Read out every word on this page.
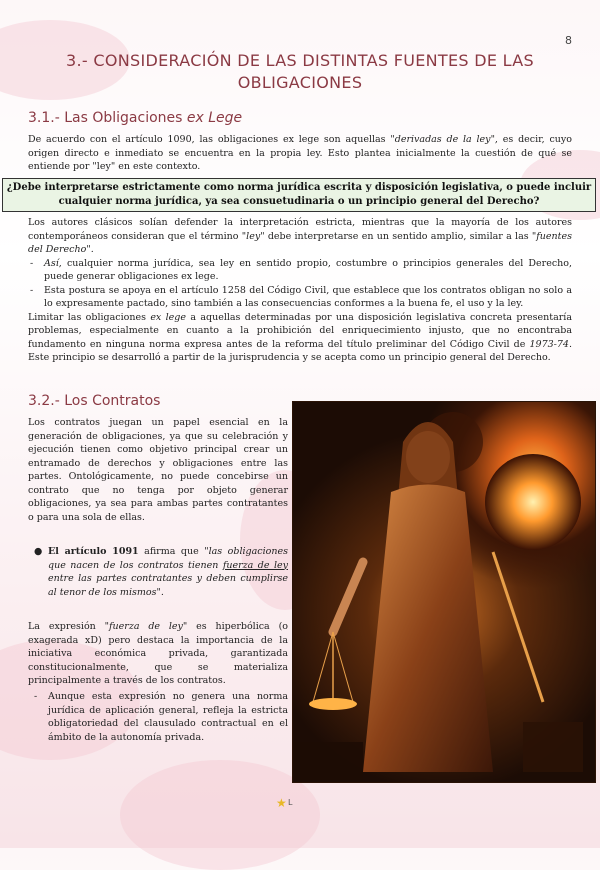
8
3.- CONSIDERACIÓN DE LAS DISTINTAS FUENTES DE LAS
OBLIGACIONES
3.1.- Las Obligaciones ex Lege

De acuerdo con el artículo 1090, las obligaciones ex lege son aquellas "derivadas de la ley", es decir, cuyo origen directo e inmediato se encuentra en la propia ley. Esto plantea inicialmente la cuestión de qué se entiende por "ley" en este contexto.

¿Debe interpretarse estrictamente como norma jurídica escrita y disposición legislativa, o puede incluir cualquier norma jurídica, ya sea consuetudinaria o un principio general del Derecho?

Los autores clásicos solían defender la interpretación estricta, mientras que la mayoría de los autores contemporáneos consideran que el término "ley" debe interpretarse en un sentido amplio, similar a las "fuentes del Derecho".

- Así, cualquier norma jurídica, sea ley en sentido propio, costumbre o principios generales del Derecho, puede generar obligaciones ex lege.
- Esta postura se apoya en el artículo 1258 del Código Civil, que establece que los contratos obligan no solo a lo expresamente pactado, sino también a las consecuencias conformes a la buena fe, el uso y la ley.

Limitar las obligaciones ex lege a aquellas determinadas por una disposición legislativa concreta presentaría problemas, especialmente en cuanto a la prohibición del enriquecimiento injusto, que no encontraba fundamento en ninguna norma expresa antes de la reforma del título preliminar del Código Civil de 1973-74. Este principio se desarrolló a partir de la jurisprudencia y se acepta como un principio general del Derecho.

3.2.- Los Contratos
Los contratos juegan un papel esencial en la generación de obligaciones, ya que su celebración y ejecución tienen como objetivo principal crear un entramado de derechos y obligaciones entre las partes. Ontológicamente, no puede concebirse un contrato que no tenga por objeto generar obligaciones, ya sea para ambas partes contratantes o para una sola de ellas.
● El artículo 1091 afirma que "las obligaciones que nacen de los contratos tienen fuerza de ley entre las partes contratantes y deben cumplirse al tenor de los mismos".
La expresión "fuerza de ley" es hiperbólica (o exagerada xD) pero destaca la importancia de la iniciativa económica privada, garantizada constitucionalmente, que se materializa principalmente a través de los contratos.
- Aunque esta expresión no genera una norma jurídica de aplicación general, refleja la estricta obligatoriedad del clausulado contractual en el ámbito de la autonomía privada.
★ L
